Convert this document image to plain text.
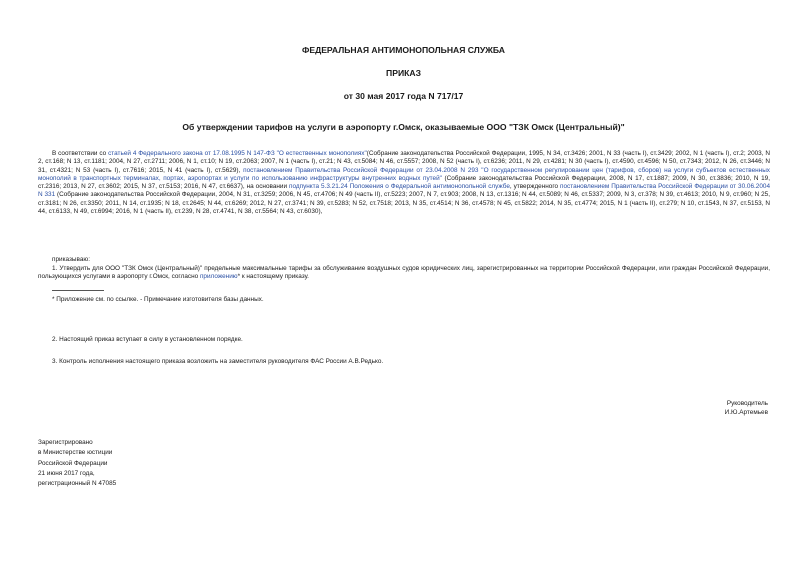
ФЕДЕРАЛЬНАЯ АНТИМОНОПОЛЬНАЯ СЛУЖБА
ПРИКАЗ
от 30 мая 2017 года N 717/17
Об утверждении тарифов на услуги в аэропорту г.Омск, оказываемые ООО "ТЗК Омск (Центральный)"

В соответствии со статьей 4 Федерального закона от 17.08.1995 N 147-ФЗ "О естественных монополиях"(Собрание законодательства Российской Федерации, 1995, N 34, ст.3426; 2001, N 33 (часть I), ст.3429; 2002, N 1 (часть I), ст.2; 2003, N 2, ст.168; N 13, ст.1181; 2004, N 27, ст.2711; 2006, N 1, ст.10; N 19, ст.2063; 2007, N 1 (часть I), ст.21; N 43, ст.5084; N 46, ст.5557; 2008, N 52 (часть I), ст.6236; 2011, N 29, ст.4281; N 30 (часть I), ст.4590, ст.4596; N 50, ст.7343; 2012, N 26, ст.3446; N 31, ст.4321; N 53 (часть I), ст.7616; 2015, N 41 (часть I), ст.5629), постановлением Правительства Российской Федерации от 23.04.2008 N 293 "О государственном регулировании цен (тарифов, сборов) на услуги субъектов естественных монополий в транспортных терминалах, портах, аэропортах и услуги по использованию инфраструктуры внутренних водных путей" (Собрание законодательства Российской Федерации, 2008, N 17, ст.1887; 2009, N 30, ст.3836; 2010, N 19, ст.2316; 2013, N 27, ст.3602; 2015, N 37, ст.5153; 2016, N 47, ст.6637), на основании подпункта 5.3.21.24 Положения о Федеральной антимонопольной службе, утвержденного постановлением Правительства Российской Федерации от 30.06.2004 N 331 (Собрание законодательства Российской Федерации, 2004, N 31, ст.3259; 2006, N 45, ст.4706; N 49 (часть II), ст.5223; 2007, N 7, ст.903; 2008, N 13, ст.1316; N 44, ст.5089; N 46, ст.5337; 2009, N 3, ст.378; N 39, ст.4613; 2010, N 9, ст.960; N 25, ст.3181; N 26, ст.3350; 2011, N 14, ст.1935; N 18, ст.2645; N 44, ст.6269; 2012, N 27, ст.3741; N 39, ст.5283; N 52, ст.7518; 2013, N 35, ст.4514; N 36, ст.4578; N 45, ст.5822; 2014, N 35, ст.4774; 2015, N 1 (часть II), ст.279; N 10, ст.1543, N 37, ст.5153, N 44, ст.6133, N 49, ст.6994; 2016, N 1 (часть II), ст.239, N 28, ст.4741, N 38, ст.5564; N 43, ст.6030),

приказываю:

1. Утвердить для ООО "ТЗК Омск (Центральный)" предельные максимальные тарифы за обслуживание воздушных судов юридических лиц, зарегистрированных на территории Российской Федерации, или граждан Российской Федерации, пользующихся услугами в аэропорту г.Омск, согласно приложению* к настоящему приказу.

* Приложение см. по ссылке. - Примечание изготовителя базы данных.

2. Настоящий приказ вступает в силу в установленном порядке.

3. Контроль исполнения настоящего приказа возложить на заместителя руководителя ФАС России А.В.Редько.

Руководитель
И.Ю.Артемьев
Зарегистрировано
в Министерстве юстиции
Российской Федерации
21 июня 2017 года,
регистрационный N 47085
